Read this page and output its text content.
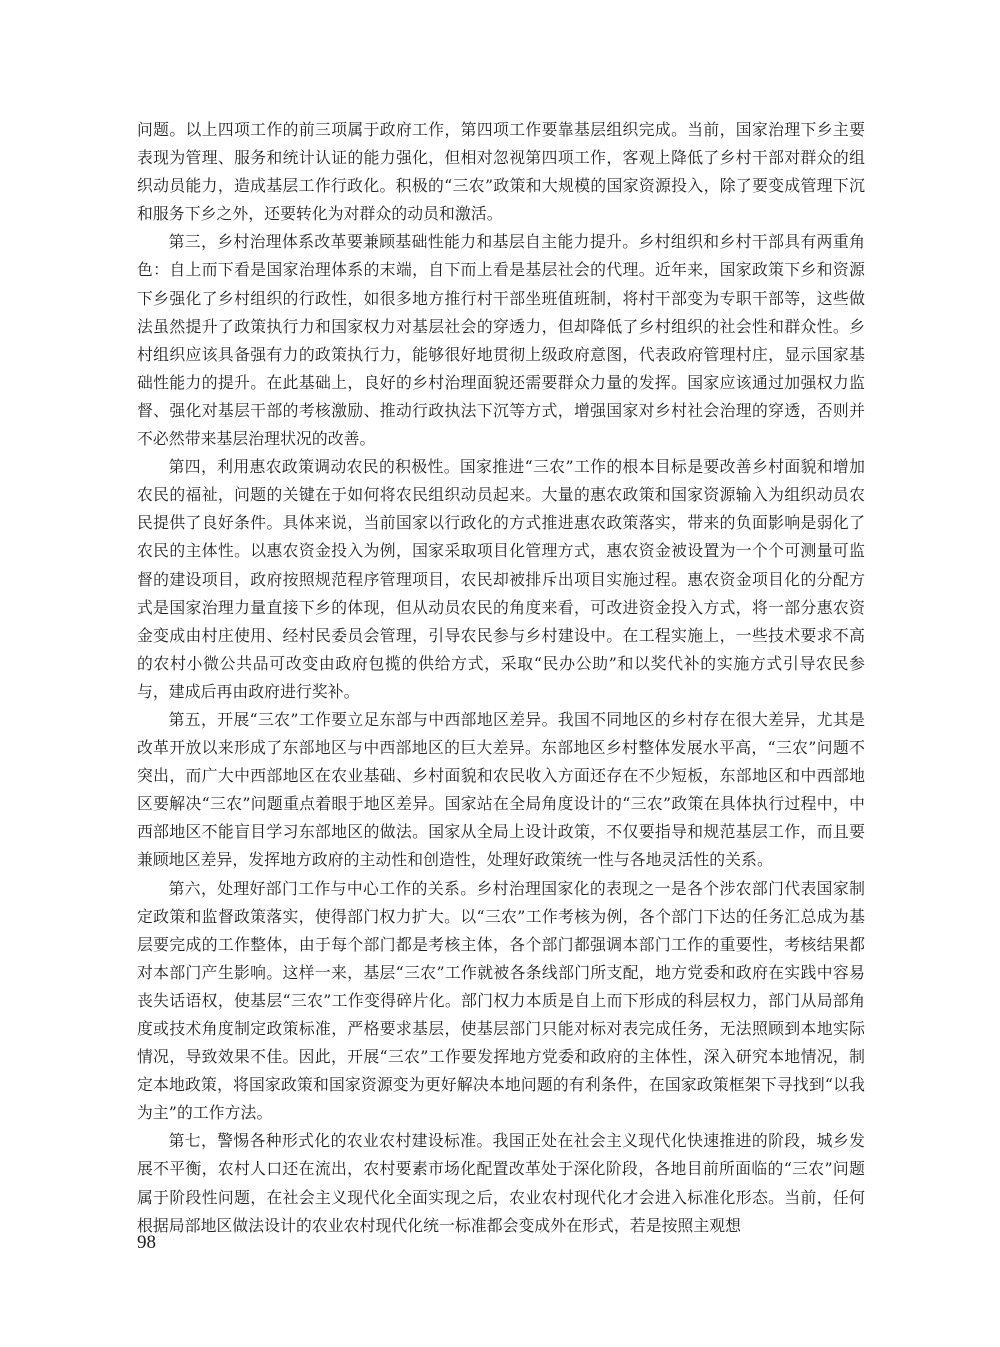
问题。以上四项工作的前三项属于政府工作，第四项工作要靠基层组织完成。当前，国家治理下乡主要表现为管理、服务和统计认证的能力强化，但相对忽视第四项工作，客观上降低了乡村干部对群众的组织动员能力，造成基层工作行政化。积极的“三农”政策和大规模的国家资源投入，除了要变成管理下沉和服务下乡之外，还要转化为对群众的动员和激活。

第三，乡村治理体系改革要兼顾基础性能力和基层自主能力提升。乡村组织和乡村干部具有两重角色：自上而下看是国家治理体系的末端，自下而上看是基层社会的代理。近年来，国家政策下乡和资源下乡强化了乡村组织的行政性，如很多地方推行村干部坐班值班制，将村干部变为专职干部等，这些做法虽然提升了政策执行力和国家权力对基层社会的穿透力，但却降低了乡村组织的社会性和群众性。乡村组织应该具备强有力的政策执行力，能够很好地贯彻上级政府意图，代表政府管理村庄，显示国家基础性能力的提升。在此基础上，良好的乡村治理面貌还需要群众力量的发挥。国家应该通过加强权力监督、强化对基层干部的考核激励、推动行政执法下沉等方式，增强国家对乡村社会治理的穿透，否则并不必然带来基层治理状况的改善。

第四，利用惠农政策调动农民的积极性。国家推进“三农”工作的根本目标是要改善乡村面貌和增加农民的福祉，问题的关键在于如何将农民组织动员起来。大量的惠农政策和国家资源输入为组织动员农民提供了良好条件。具体来说，当前国家以行政化的方式推进惠农政策落实，带来的负面影响是弱化了农民的主体性。以惠农资金投入为例，国家采取项目化管理方式，惠农资金被设置为一个个可测量可监督的建设项目，政府按照规范程序管理项目，农民却被排斥出项目实施过程。惠农资金项目化的分配方式是国家治理力量直接下乡的体现，但从动员农民的角度来看，可改进资金投入方式，将一部分惠农资金变成由村庄使用、经村民委员会管理，引导农民参与乡村建设中。在工程实施上，一些技术要求不高的农村小微公共品可改变由政府包揽的供给方式，采取“民办公助”和以奖代补的实施方式引导农民参与，建成后再由政府进行奖补。

第五，开展“三农”工作要立足东部与中西部地区差异。我国不同地区的乡村存在很大差异，尤其是改革开放以来形成了东部地区与中西部地区的巨大差异。东部地区乡村整体发展水平高，“三农”问题不突出，而广大中西部地区在农业基础、乡村面貌和农民收入方面还存在不少短板，东部地区和中西部地区要解决“三农”问题重点着眼于地区差异。国家站在全局角度设计的“三农”政策在具体执行过程中，中西部地区不能盲目学习东部地区的做法。国家从全局上设计政策，不仅要指导和规范基层工作，而且要兼顾地区差异，发挥地方政府的主动性和创造性，处理好政策统一性与各地灵活性的关系。

第六，处理好部门工作与中心工作的关系。乡村治理国家化的表现之一是各个涉农部门代表国家制定政策和监督政策落实，使得部门权力扩大。以“三农”工作考核为例，各个部门下达的任务汇总成为基层要完成的工作整体，由于每个部门都是考核主体，各个部门都强调本部门工作的重要性，考核结果都对本部门产生影响。这样一来，基层“三农”工作就被各条线部门所支配，地方党委和政府在实践中容易丧失话语权，使基层“三农”工作变得碎片化。部门权力本质是自上而下形成的科层权力，部门从局部角度或技术角度制定政策标准，严格要求基层，使基层部门只能对标对表完成任务，无法照顾到本地实际情况，导致效果不佳。因此，开展“三农”工作要发挥地方党委和政府的主体性，深入研究本地情况，制定本地政策，将国家政策和国家资源变为更好解决本地问题的有利条件，在国家政策框架下寻找到“以我为主”的工作方法。

第七，警惕各种形式化的农业农村建设标准。我国正处在社会主义现代化快速推进的阶段，城乡发展不平衡，农村人口还在流出，农村要素市场化配置改革处于深化阶段，各地目前所面临的“三农”问题属于阶段性问题，在社会主义现代化全面实现之后，农业农村现代化才会进入标准化形态。当前，任何根据局部地区做法设计的农业农村现代化统一标准都会变成外在形式，若是按照主观想

98
